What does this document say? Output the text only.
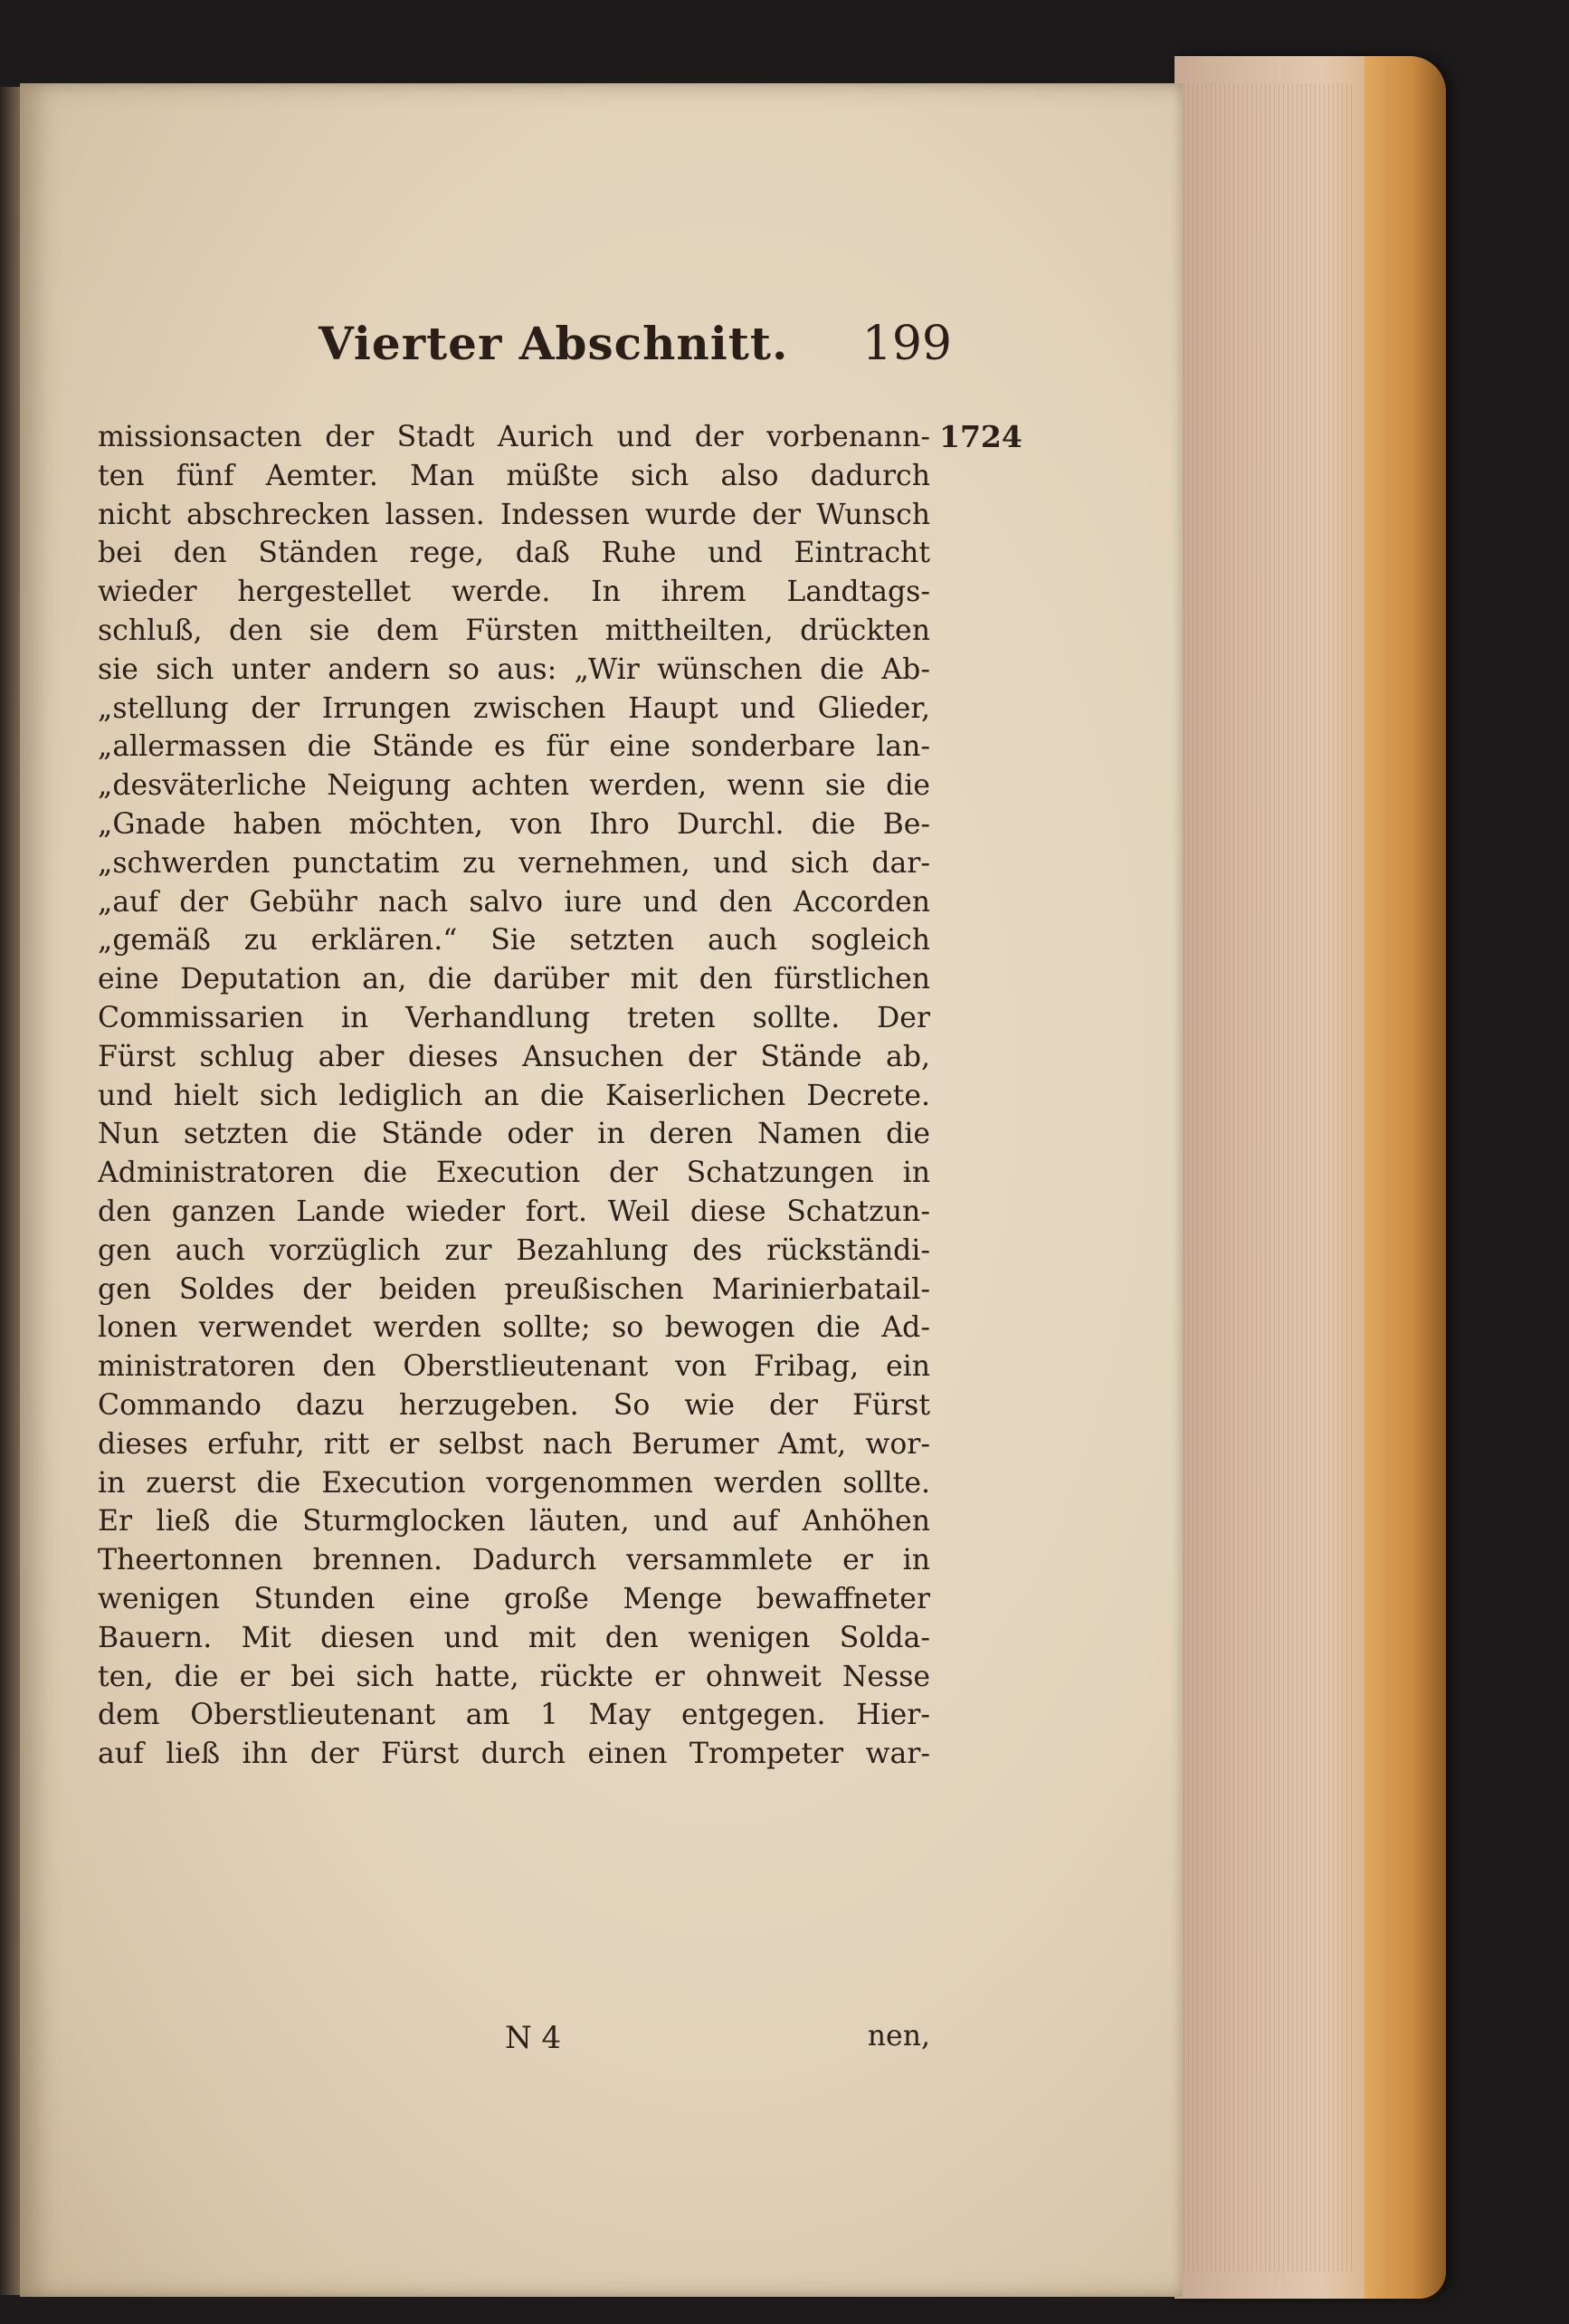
Vierter Abschnitt. 199
1724
missionsacten der Stadt Aurich und der vorbenann-
ten fünf Aemter. Man müßte sich also dadurch
nicht abschrecken lassen. Indessen wurde der Wunsch
bei den Ständen rege, daß Ruhe und Eintracht
wieder hergestellet werde. In ihrem Landtags-
schluß, den sie dem Fürsten mittheilten, drückten
sie sich unter andern so aus: „Wir wünschen die Ab-
„stellung der Irrungen zwischen Haupt und Glieder,
„allermassen die Stände es für eine sonderbare lan-
„desväterliche Neigung achten werden, wenn sie die
„Gnade haben möchten, von Ihro Durchl. die Be-
„schwerden punctatim zu vernehmen, und sich dar-
„auf der Gebühr nach salvo iure und den Accorden
„gemäß zu erklären.“ Sie setzten auch sogleich
eine Deputation an, die darüber mit den fürstlichen
Commissarien in Verhandlung treten sollte. Der
Fürst schlug aber dieses Ansuchen der Stände ab,
und hielt sich lediglich an die Kaiserlichen Decrete.
Nun setzten die Stände oder in deren Namen die
Administratoren die Execution der Schatzungen in
den ganzen Lande wieder fort. Weil diese Schatzun-
gen auch vorzüglich zur Bezahlung des rückständi-
gen Soldes der beiden preußischen Marinierbatail-
lonen verwendet werden sollte; so bewogen die Ad-
ministratoren den Oberstlieutenant von Fribag, ein
Commando dazu herzugeben. So wie der Fürst
dieses erfuhr, ritt er selbst nach Berumer Amt, wor-
in zuerst die Execution vorgenommen werden sollte.
Er ließ die Sturmglocken läuten, und auf Anhöhen
Theertonnen brennen. Dadurch versammlete er in
wenigen Stunden eine große Menge bewaffneter
Bauern. Mit diesen und mit den wenigen Solda-
ten, die er bei sich hatte, rückte er ohnweit Nesse
dem Oberstlieutenant am 1 May entgegen. Hier-
auf ließ ihn der Fürst durch einen Trompeter war-
N 4	nen,
